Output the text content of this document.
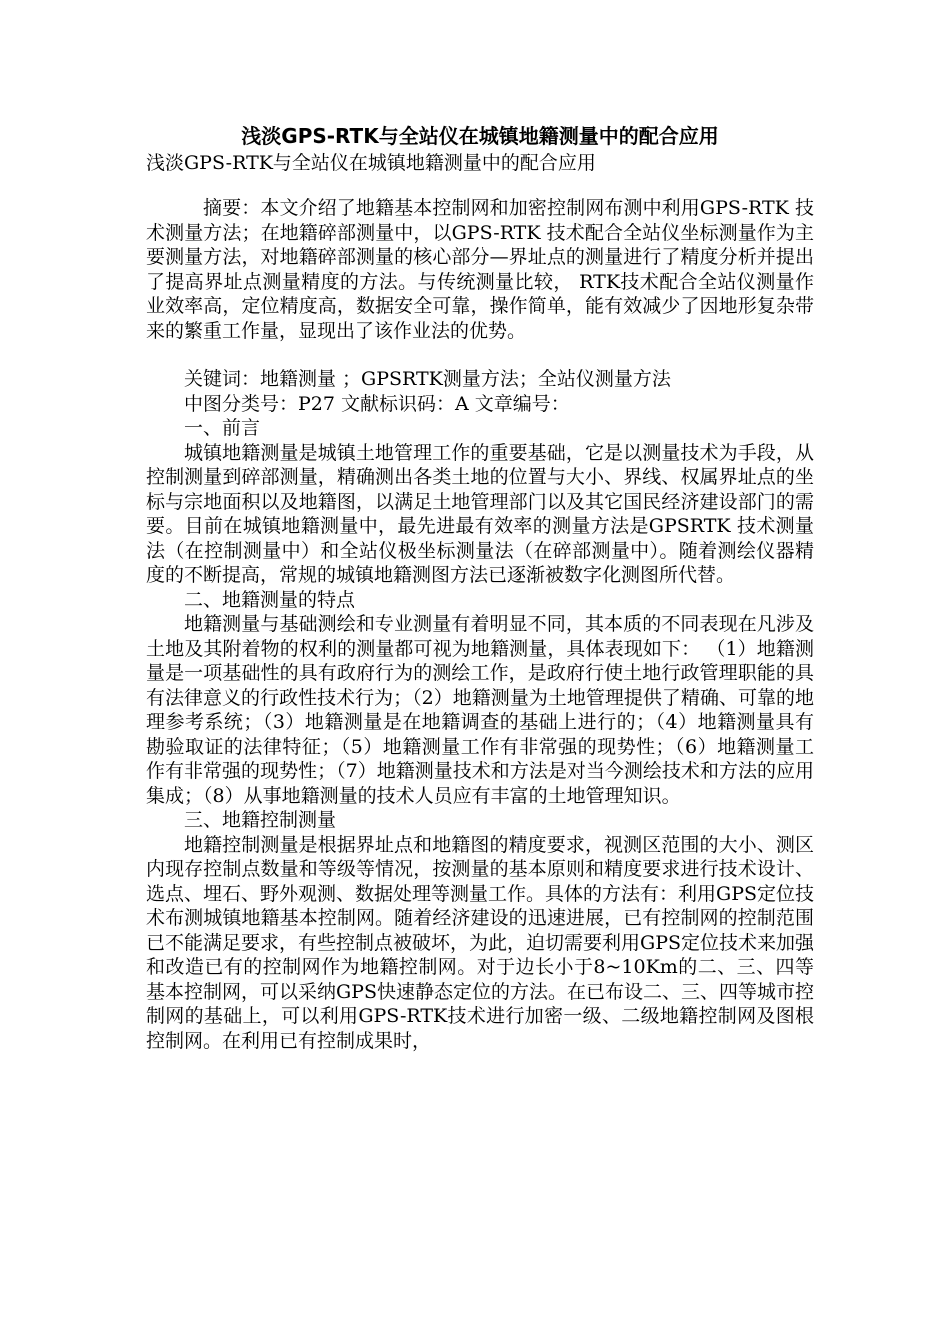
浅淡GPS-RTK与全站仪在城镇地籍测量中的配合应用

浅淡GPS-RTK与全站仪在城镇地籍测量中的配合应用

摘要：本文介绍了地籍基本控制网和加密控制网布测中利用GPS-RTK 技术测量方法；在地籍碎部测量中，以GPS-RTK 技术配合全站仪坐标测量作为主要测量方法，对地籍碎部测量的核心部分—界址点的测量进行了精度分析并提出了提高界址点测量精度的方法。与传统测量比较， RTK技术配合全站仪测量作业效率高，定位精度高，数据安全可靠，操作简单，能有效减少了因地形复杂带来的繁重工作量，显现出了该作业法的优势。

关键词：地籍测量 ；GPSRTK测量方法；全站仪测量方法

中图分类号：P27 文献标识码：A 文章编号：

一、前言

城镇地籍测量是城镇土地管理工作的重要基础，它是以测量技术为手段，从控制测量到碎部测量，精确测出各类土地的位置与大小、界线、权属界址点的坐标与宗地面积以及地籍图，以满足土地管理部门以及其它国民经济建设部门的需要。目前在城镇地籍测量中，最先进最有效率的测量方法是GPSRTK 技术测量法（在控制测量中）和全站仪极坐标测量法（在碎部测量中）。随着测绘仪器精度的不断提高，常规的城镇地籍测图方法已逐渐被数字化测图所代替。

二、地籍测量的特点

地籍测量与基础测绘和专业测量有着明显不同，其本质的不同表现在凡涉及土地及其附着物的权利的测量都可视为地籍测量，具体表现如下： （1）地籍测量是一项基础性的具有政府行为的测绘工作，是政府行使土地行政管理职能的具有法律意义的行政性技术行为；（2）地籍测量为土地管理提供了精确、可靠的地理参考系统；（3）地籍测量是在地籍调查的基础上进行的；（4）地籍测量具有勘验取证的法律特征；（5）地籍测量工作有非常强的现势性；（6）地籍测量工作有非常强的现势性；（7）地籍测量技术和方法是对当今测绘技术和方法的应用集成；（8）从事地籍测量的技术人员应有丰富的土地管理知识。

三、地籍控制测量

地籍控制测量是根据界址点和地籍图的精度要求，视测区范围的大小、测区内现存控制点数量和等级等情况，按测量的基本原则和精度要求进行技术设计、选点、埋石、野外观测、数据处理等测量工作。具体的方法有：利用GPS定位技术布测城镇地籍基本控制网。随着经济建设的迅速进展，已有控制网的控制范围已不能满足要求，有些控制点被破坏，为此，迫切需要利用GPS定位技术来加强和改造已有的控制网作为地籍控制网。对于边长小于8~10Km的二、三、四等基本控制网，可以采纳GPS快速静态定位的方法。在已布设二、三、四等城市控制网的基础上，可以利用GPS-RTK技术进行加密一级、二级地籍控制网及图根控制网。在利用已有控制成果时，
